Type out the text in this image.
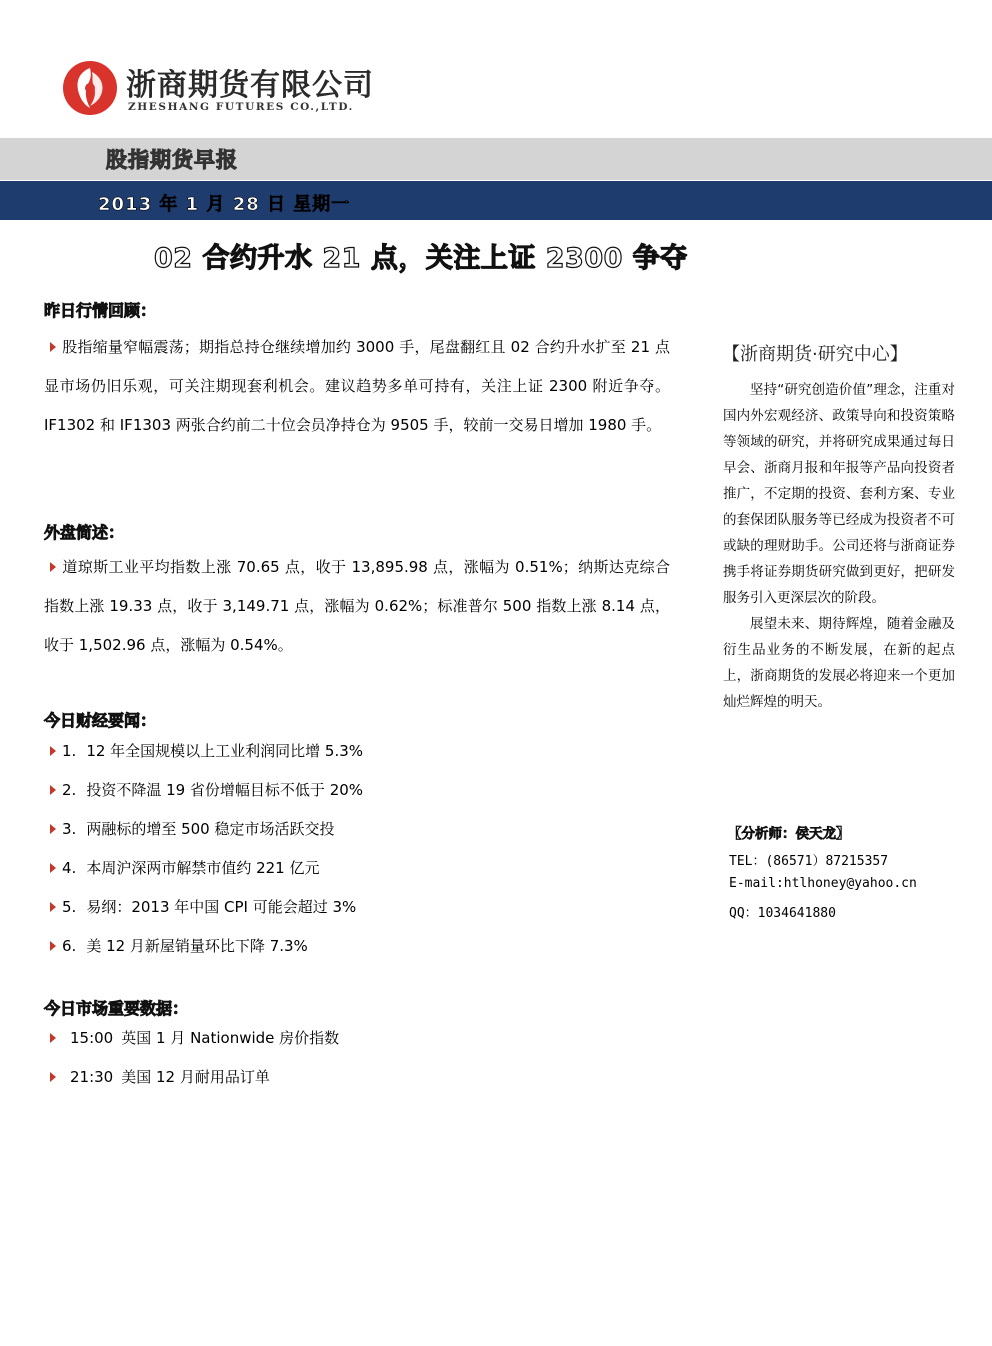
浙商期货有限公司
ZHESHANG FUTURES CO.,LTD.
股指期货早报
2013 年 1 月 28 日 星期一
02 合约升水 21 点，关注上证 2300 争夺
昨日行情回顾：
股指缩量窄幅震荡；期指总持仓继续增加约 3000 手，尾盘翻红且 02 合约升水扩至 21 点显市场仍旧乐观，可关注期现套利机会。建议趋势多单可持有，关注上证 2300 附近争夺。 IF1302 和 IF1303 两张合约前二十位会员净持仓为 9505 手，较前一交易日增加 1980 手。
外盘简述：
道琼斯工业平均指数上涨 70.65 点，收于 13,895.98 点，涨幅为 0.51%；纳斯达克综合指数上涨 19.33 点，收于 3,149.71 点，涨幅为 0.62%；标准普尔 500 指数上涨 8.14 点，收于 1,502.96 点，涨幅为 0.54%。
今日财经要闻：
1. 12 年全国规模以上工业利润同比增 5.3%
2. 投资不降温 19 省份增幅目标不低于 20%
3. 两融标的增至 500 稳定市场活跃交投
4. 本周沪深两市解禁市值约 221 亿元
5. 易纲：2013 年中国 CPI 可能会超过 3%
6. 美 12 月新屋销量环比下降 7.3%
今日市场重要数据：
15:00 英国 1 月 Nationwide 房价指数
21:30 美国 12 月耐用品订单
【浙商期货·研究中心】

坚持“研究创造价值”理念，注重对国内外宏观经济、政策导向和投资策略等领域的研究，并将研究成果通过每日早会、浙商月报和年报等产品向投资者推广，不定期的投资、套利方案、专业的套保团队服务等已经成为投资者不可或缺的理财助手。公司还将与浙商证券携手将证券期货研究做到更好，把研发服务引入更深层次的阶段。

展望未来、期待辉煌，随着金融及衍生品业务的不断发展，在新的起点上，浙商期货的发展必将迎来一个更加灿烂辉煌的明天。

【分析师：侯天龙】
TEL：(86571）87215357
E-mail:htlhoney@yahoo.cn
QQ：1034641880
